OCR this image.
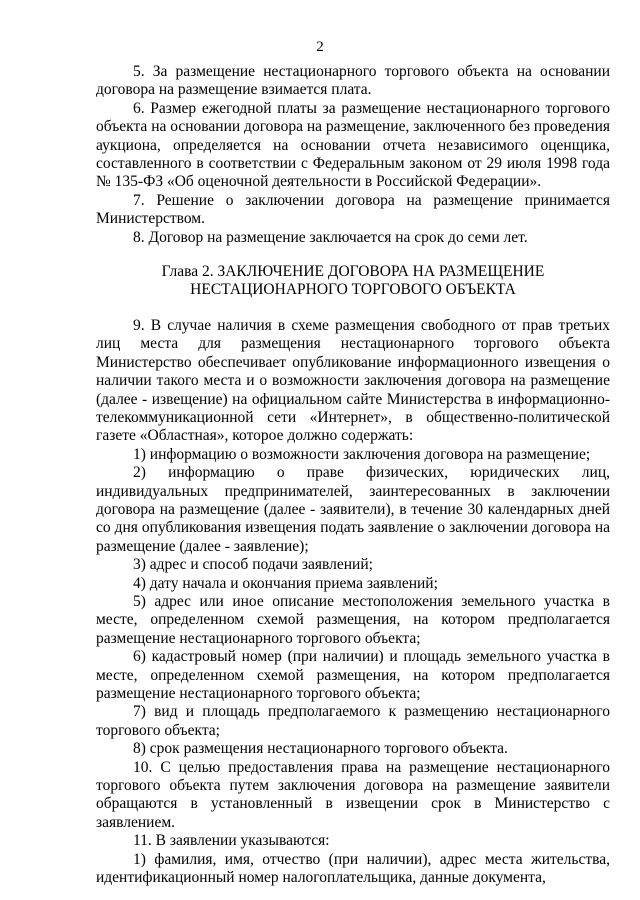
2

5. За размещение нестационарного торгового объекта на основании договора на размещение взимается плата.

6. Размер ежегодной платы за размещение нестационарного торгового объекта на основании договора на размещение, заключенного без проведения аукциона, определяется на основании отчета независимого оценщика, составленного в соответствии с Федеральным законом от 29 июля 1998 года № 135-ФЗ «Об оценочной деятельности в Российской Федерации».

7. Решение о заключении договора на размещение принимается Министерством.

8. Договор на размещение заключается на срок до семи лет.

Глава 2. ЗАКЛЮЧЕНИЕ ДОГОВОРА НА РАЗМЕЩЕНИЕ
НЕСТАЦИОНАРНОГО ТОРГОВОГО ОБЪЕКТА

9. В случае наличия в схеме размещения свободного от прав третьих лиц места для размещения нестационарного торгового объекта Министерство обеспечивает опубликование информационного извещения о наличии такого места и о возможности заключения договора на размещение (далее - извещение) на официальном сайте Министерства в информационно-телекоммуникационной сети «Интернет», в общественно-политической газете «Областная», которое должно содержать:

1) информацию о возможности заключения договора на размещение;

2) информацию о праве физических, юридических лиц, индивидуальных предпринимателей, заинтересованных в заключении договора на размещение (далее - заявители), в течение 30 календарных дней со дня опубликования извещения подать заявление о заключении договора на размещение (далее - заявление);

3) адрес и способ подачи заявлений;

4) дату начала и окончания приема заявлений;

5) адрес или иное описание местоположения земельного участка в месте, определенном схемой размещения, на котором предполагается размещение нестационарного торгового объекта;

6) кадастровый номер (при наличии) и площадь земельного участка в месте, определенном схемой размещения, на котором предполагается размещение нестационарного торгового объекта;

7) вид и площадь предполагаемого к размещению нестационарного торгового объекта;

8) срок размещения нестационарного торгового объекта.

10. С целью предоставления права на размещение нестационарного торгового объекта путем заключения договора на размещение заявители обращаются в установленный в извещении срок в Министерство с заявлением.

11. В заявлении указываются:

1) фамилия, имя, отчество (при наличии), адрес места жительства, идентификационный номер налогоплательщика, данные документа,
